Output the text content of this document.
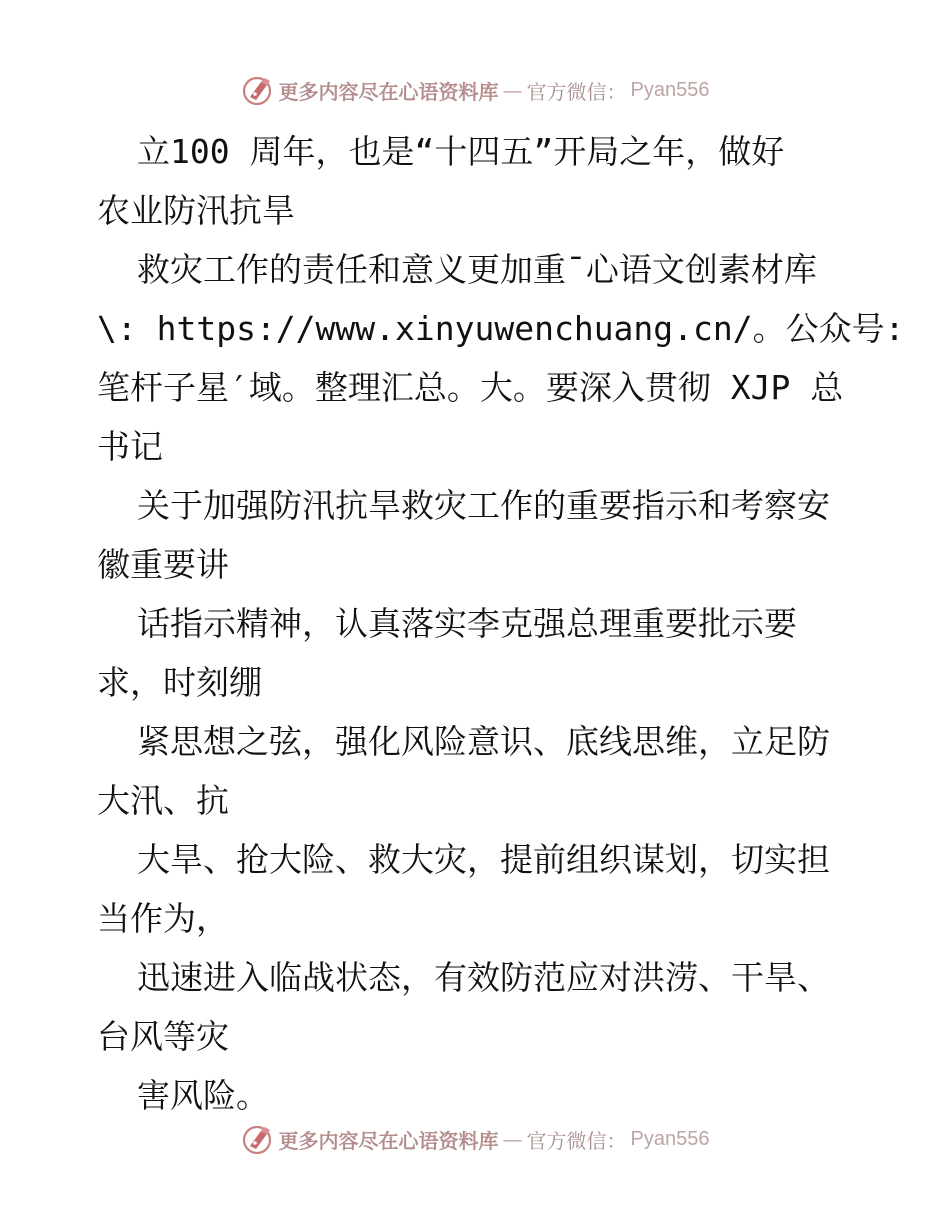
更多内容尽在心语资料库 — 官方微信： Pyan556
立100 周年，也是“十四五”开局之年，做好
农业防汛抗旱
救灾工作的责任和意义更加重¯心语文创素材库
\: https://www.xinyuwenchuang.cn/。公众号:
笔杆子星′域。整理汇总。大。要深入贯彻 XJP 总
书记
关于加强防汛抗旱救灾工作的重要指示和考察安
徽重要讲
话指示精神，认真落实李克强总理重要批示要
求，时刻绷
紧思想之弦，强化风险意识、底线思维，立足防
大汛、抗
大旱、抢大险、救大灾，提前组织谋划，切实担
当作为，
迅速进入临战状态，有效防范应对洪涝、干旱、
台风等灾
害风险。
更多内容尽在心语资料库 — 官方微信： Pyan556
